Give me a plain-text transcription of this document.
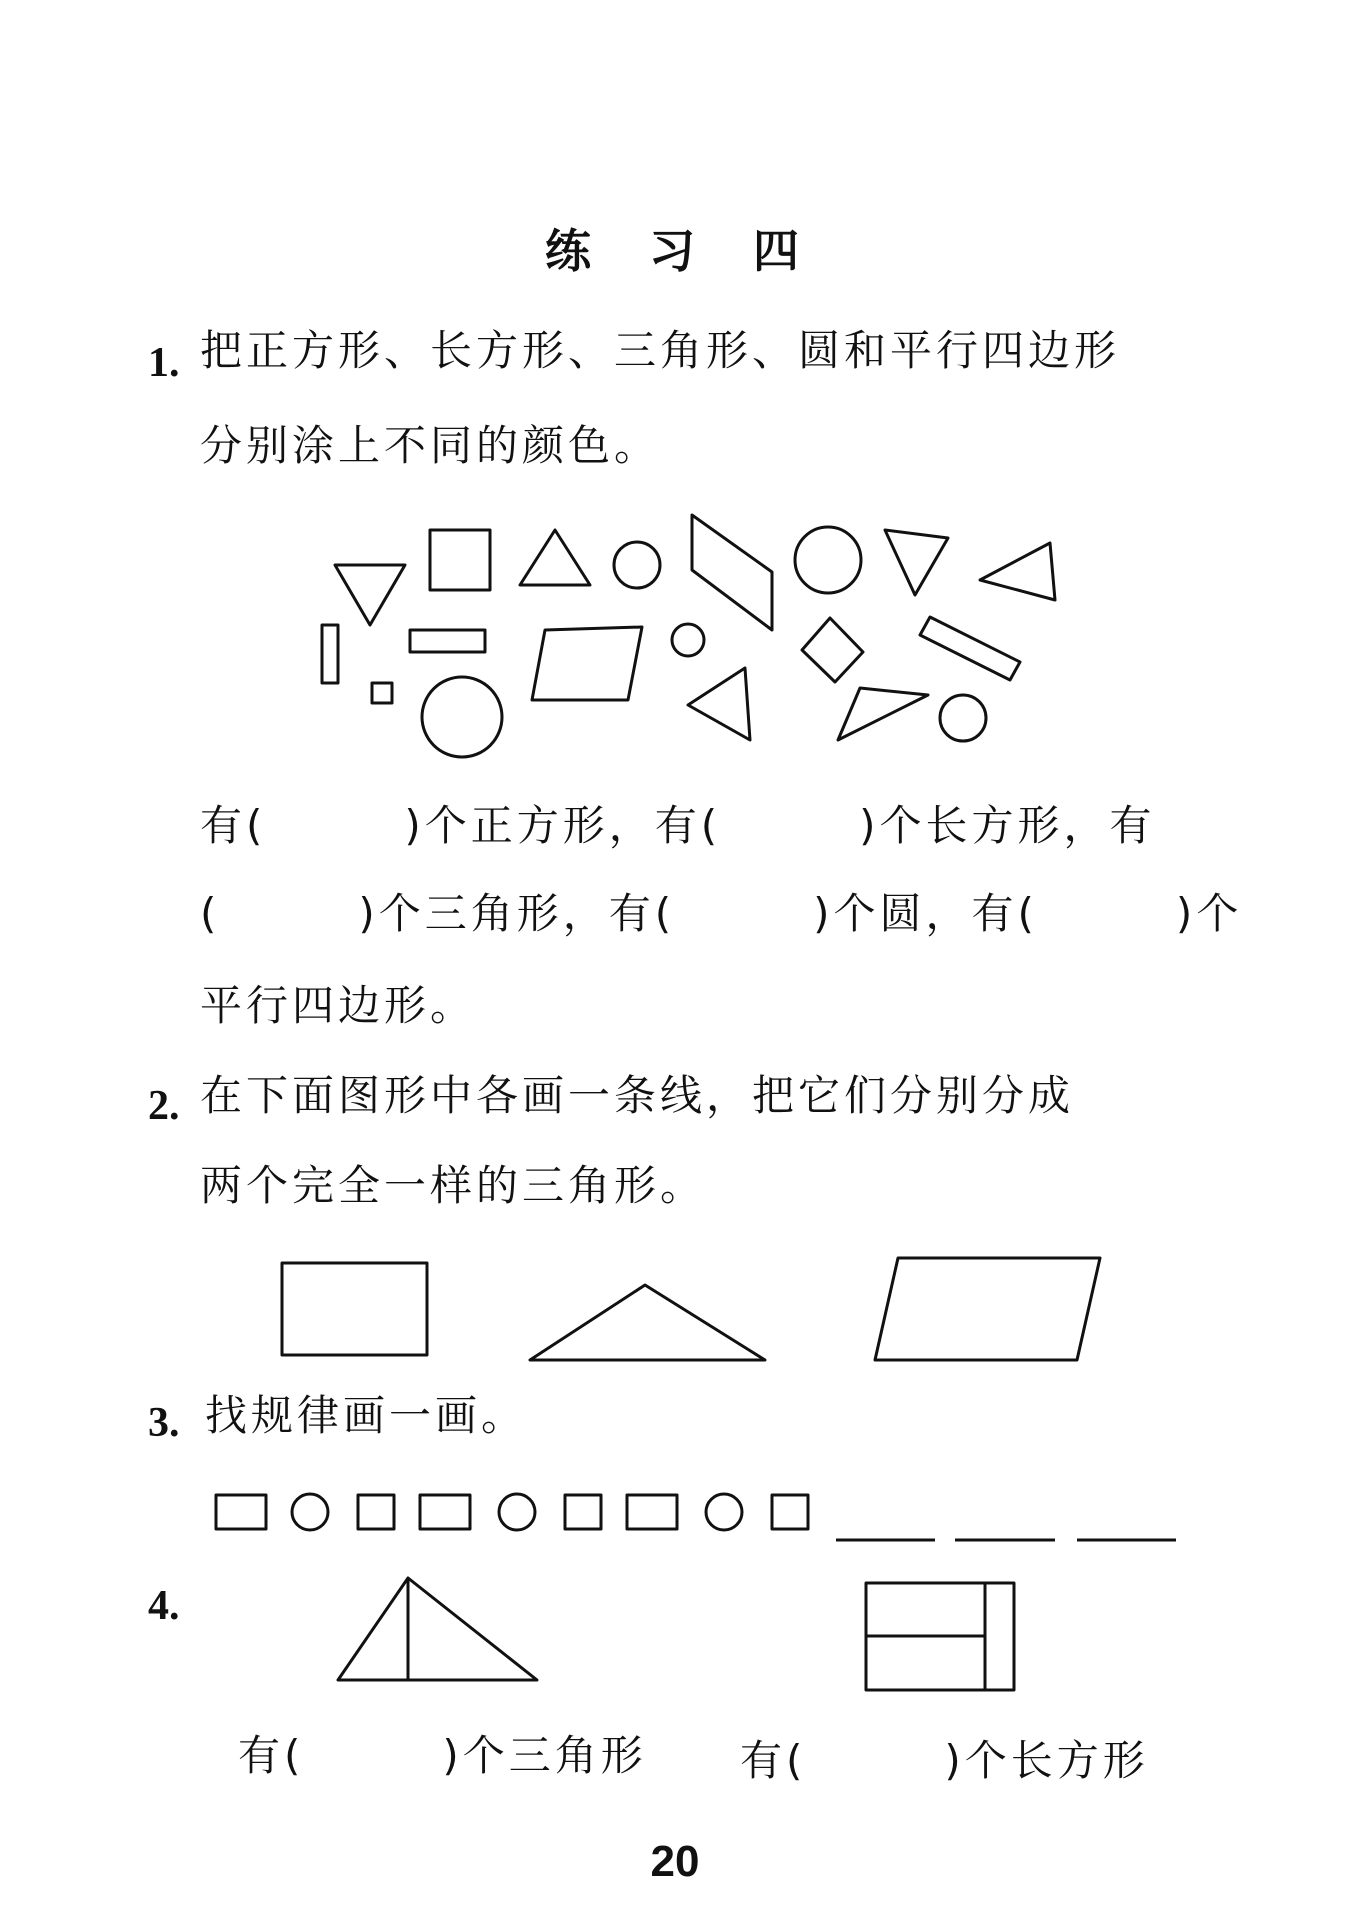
练　习　四
1. 把正方形、长方形、三角形、圆和平行四边形
分别涂上不同的颜色。
有(　　　)个正方形，有(　　　)个长方形，有
(　　　)个三角形，有(　　　)个圆，有(　　　)个
平行四边形。
2. 在下面图形中各画一条线，把它们分别分成
两个完全一样的三角形。
3. 找规律画一画。
4.
有(　　　)个三角形 有(　　　)个长方形
20
